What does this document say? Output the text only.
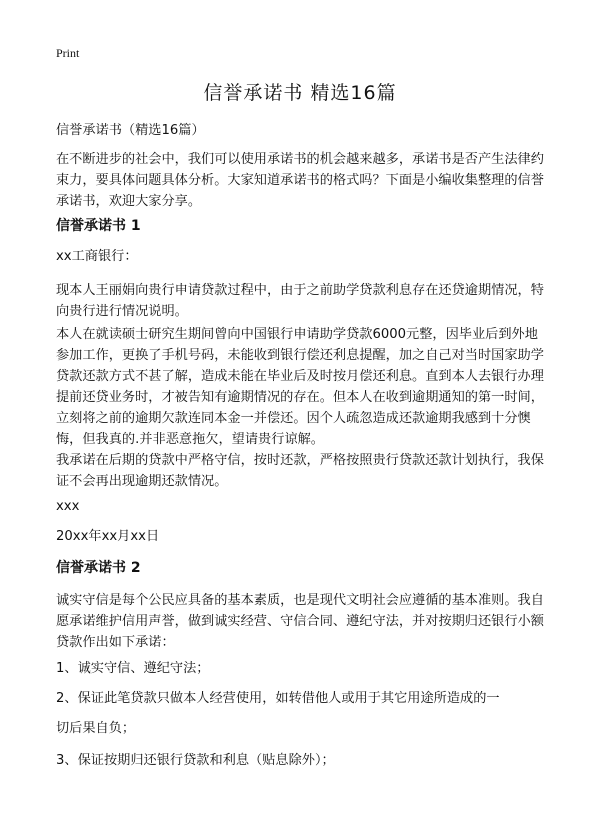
Print
信誉承诺书 精选16篇

信誉承诺书（精选16篇）

在不断进步的社会中，我们可以使用承诺书的机会越来越多，承诺书是否产生法律约束力，要具体问题具体分析。大家知道承诺书的格式吗？下面是小编收集整理的信誉承诺书，欢迎大家分享。

信誉承诺书 1

xx工商银行：

现本人王丽娟向贵行申请贷款过程中，由于之前助学贷款利息存在还贷逾期情况，特向贵行进行情况说明。

本人在就读硕士研究生期间曾向中国银行申请助学贷款6000元整，因毕业后到外地参加工作，更换了手机号码，未能收到银行偿还利息提醒，加之自己对当时国家助学贷款还款方式不甚了解，造成未能在毕业后及时按月偿还利息。直到本人去银行办理提前还贷业务时，才被告知有逾期情况的存在。但本人在收到逾期通知的第一时间，立刻将之前的逾期欠款连同本金一并偿还。因个人疏忽造成还款逾期我感到十分懊悔，但我真的.并非恶意拖欠，望请贵行谅解。

我承诺在后期的贷款中严格守信，按时还款，严格按照贵行贷款还款计划执行，我保证不会再出现逾期还款情况。

xxx

20xx年xx月xx日

信誉承诺书 2

诚实守信是每个公民应具备的基本素质，也是现代文明社会应遵循的基本准则。我自愿承诺维护信用声誉，做到诚实经营、守信合同、遵纪守法，并对按期归还银行小额贷款作出如下承诺：

1、诚实守信、遵纪守法；

2、保证此笔贷款只做本人经营使用，如转借他人或用于其它用途所造成的一

切后果自负；

3、保证按期归还银行贷款和利息（贴息除外）；
